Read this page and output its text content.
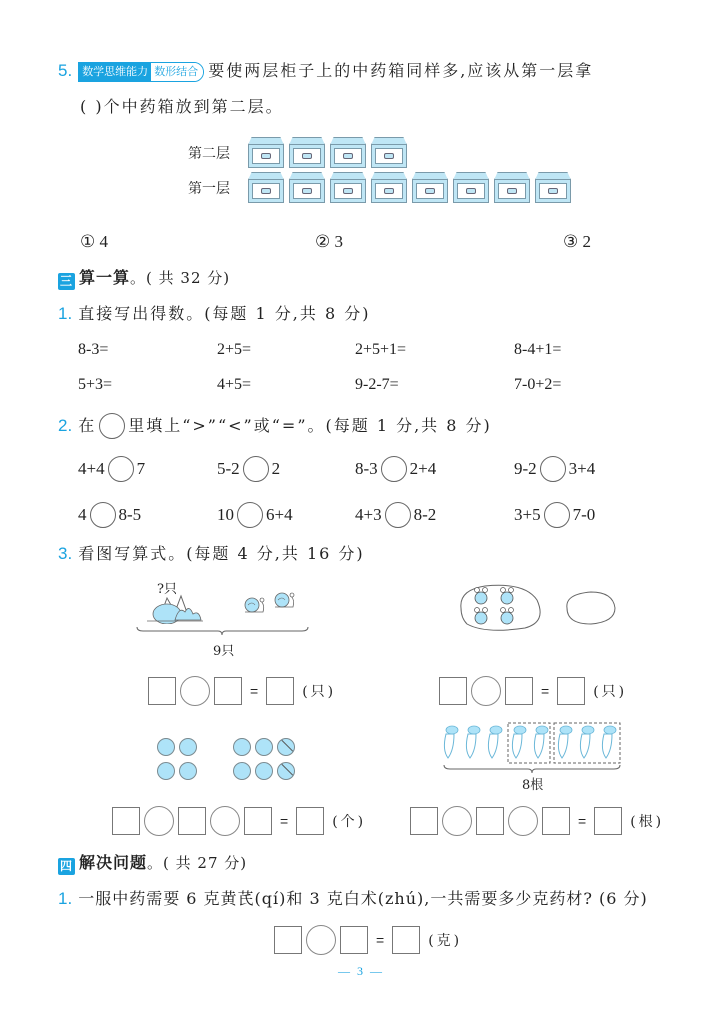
5. 数学思维能力 数形结合 要使两层柜子上的中药箱同样多,应该从第一层拿
( )个中药箱放到第二层。
第二层
第一层
① 4	② 3	③ 2
三 算一算。( 共 32 分)
1. 直接写出得数。(每题 1 分,共 8 分)
8-3=	2+5=	2+5+1=	8-4+1=
5+3=	4+5=	9-2-7=	7-0+2=
2. 在 里填上“>”“<”或“=”。(每题 1 分,共 8 分)
4+4 7	5-2 2	8-3 2+4	9-2 3+4
4 8-5	10 6+4	4+3 8-2	3+5 7-0
3. 看图写算式。(每题 4 分,共 16 分)
?只
9只
=	(只)	=	(只)

8根
=	(个)	=	(根)
四 解决问题。( 共 27 分)
1. 一服中药需要 6 克黄芪(qí)和 3 克白术(zhú),一共需要多少克药材? (6 分)
=	(克)
— 3 —
